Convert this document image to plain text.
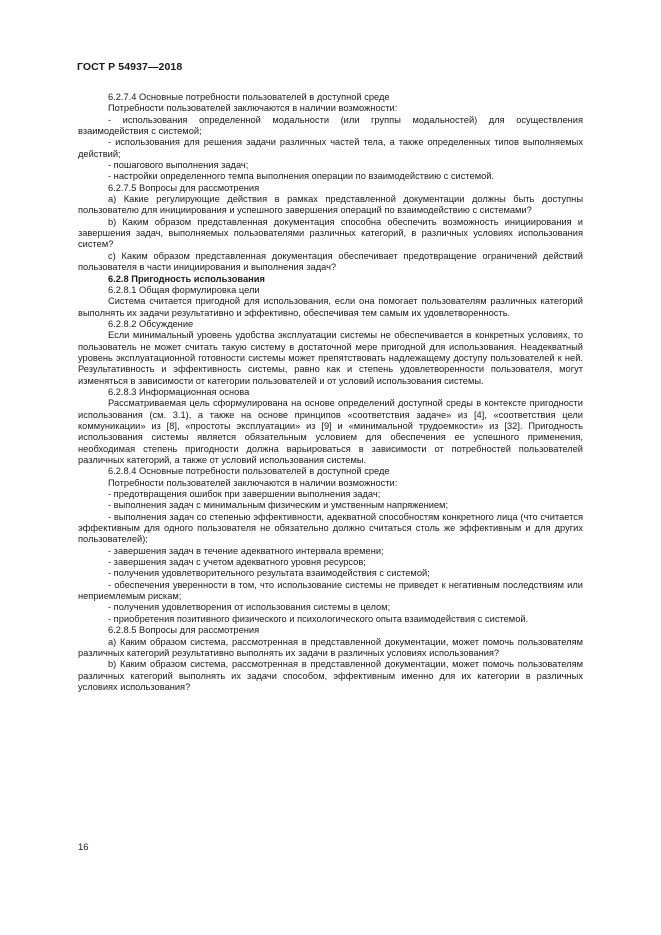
ГОСТ Р 54937—2018

6.2.7.4 Основные потребности пользователей в доступной среде

Потребности пользователей заключаются в наличии возможности:

- использования определенной модальности (или группы модальностей) для осуществления взаимодействия с системой;

- использования для решения задачи различных частей тела, а также определенных типов выполняемых действий;

- пошагового выполнения задач;

- настройки определенного темпа выполнения операции по взаимодействию с системой.

6.2.7.5 Вопросы для рассмотрения

a) Какие регулирующие действия в рамках представленной документации должны быть доступны пользователю для инициирования и успешного завершения операций по взаимодействию с системами?

b) Каким образом представленная документация способна обеспечить возможность инициирования и завершения задач, выполняемых пользователями различных категорий, в различных условиях использования систем?

c) Каким образом представленная документация обеспечивает предотвращение ограничений действий пользователя в части инициирования и выполнения задач?

6.2.8 Пригодность использования

6.2.8.1 Общая формулировка цели

Система считается пригодной для использования, если она помогает пользователям различных категорий выполнять их задачи результативно и эффективно, обеспечивая тем самым их удовлетворенность.

6.2.8.2 Обсуждение

Если минимальный уровень удобства эксплуатации системы не обеспечивается в конкретных условиях, то пользователь не может считать такую систему в достаточной мере пригодной для использования. Неадекватный уровень эксплуатационной готовности системы может препятствовать надлежащему доступу пользователей к ней. Результативность и эффективность системы, равно как и степень удовлетворенности пользователя, могут изменяться в зависимости от категории пользователей и от условий использования системы.

6.2.8.3 Информационная основа

Рассматриваемая цель сформулирована на основе определений доступной среды в контексте пригодности использования (см. 3.1), а также на основе принципов «соответствия задаче» из [4], «соответствия цели коммуникации» из [8], «простоты эксплуатации» из [9] и «минимальной трудоемкости» из [32]. Пригодность использования системы является обязательным условием для обеспечения ее успешного применения, необходимая степень пригодности должна варьироваться в зависимости от потребностей пользователей различных категорий, а также от условий использования системы.

6.2.8.4 Основные потребности пользователей в доступной среде

Потребности пользователей заключаются в наличии возможности:

- предотвращения ошибок при завершении выполнения задач;

- выполнения задач с минимальным физическим и умственным напряжением;

- выполнения задач со степенью эффективности, адекватной способностям конкретного лица (что считается эффективным для одного пользователя не обязательно должно считаться столь же эффективным и для других пользователей);

- завершения задач в течение адекватного интервала времени;

- завершения задач с учетом адекватного уровня ресурсов;

- получения удовлетворительного результата взаимодействия с системой;

- обеспечения уверенности в том, что использование системы не приведет к негативным последствиям или неприемлемым рискам;

- получения удовлетворения от использования системы в целом;

- приобретения позитивного физического и психологического опыта взаимодействия с системой.

6.2.8.5 Вопросы для рассмотрения

a) Каким образом система, рассмотренная в представленной документации, может помочь пользователям различных категорий результативно выполнять их задачи в различных условиях использования?

b) Каким образом система, рассмотренная в представленной документации, может помочь пользователям различных категорий выполнять их задачи способом, эффективным именно для их категории в различных условиях использования?

16
